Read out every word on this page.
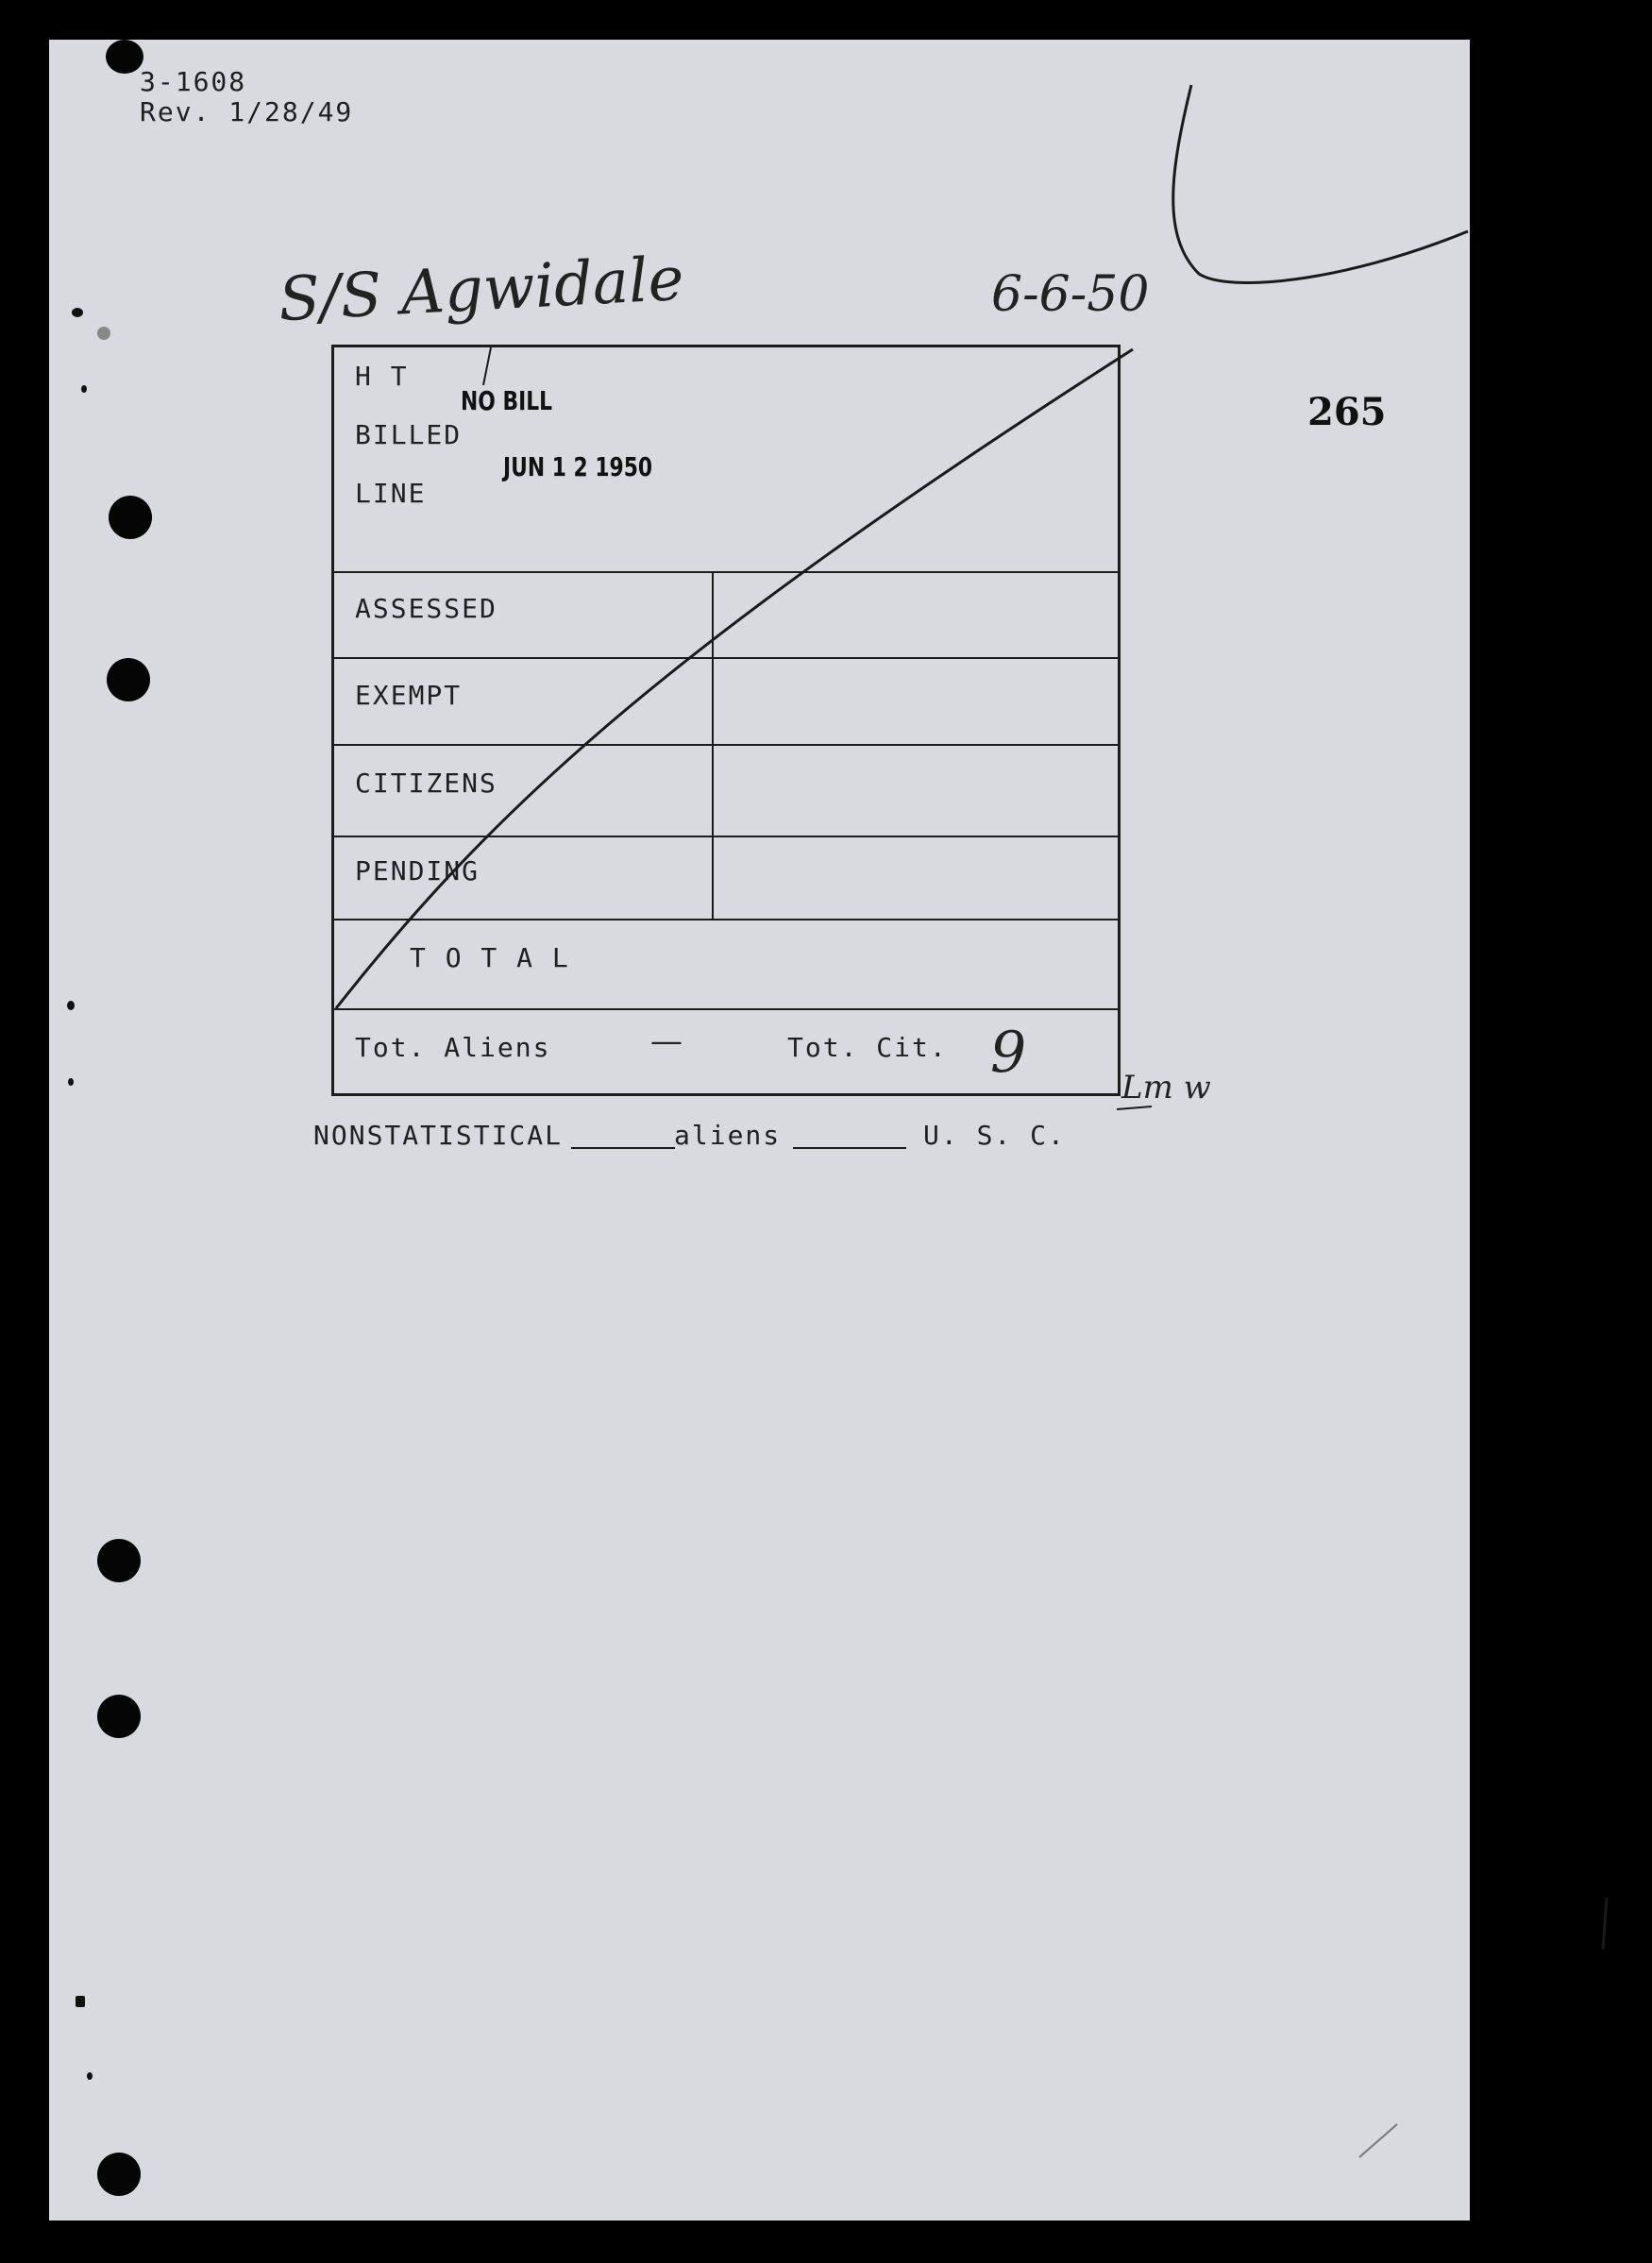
3-1608
Rev. 1/28/49
S/S Agwidale	6-6-50
265
H T
BILLED
LINE
ASSESSED
EXEMPT
CITIZENS
PENDING
T O T A L
Tot. Aliens	—	Tot. Cit. 9
NO BILL
JUN 1 2 1950
Lm w
NONSTATISTICAL	aliens	U. S. C.
